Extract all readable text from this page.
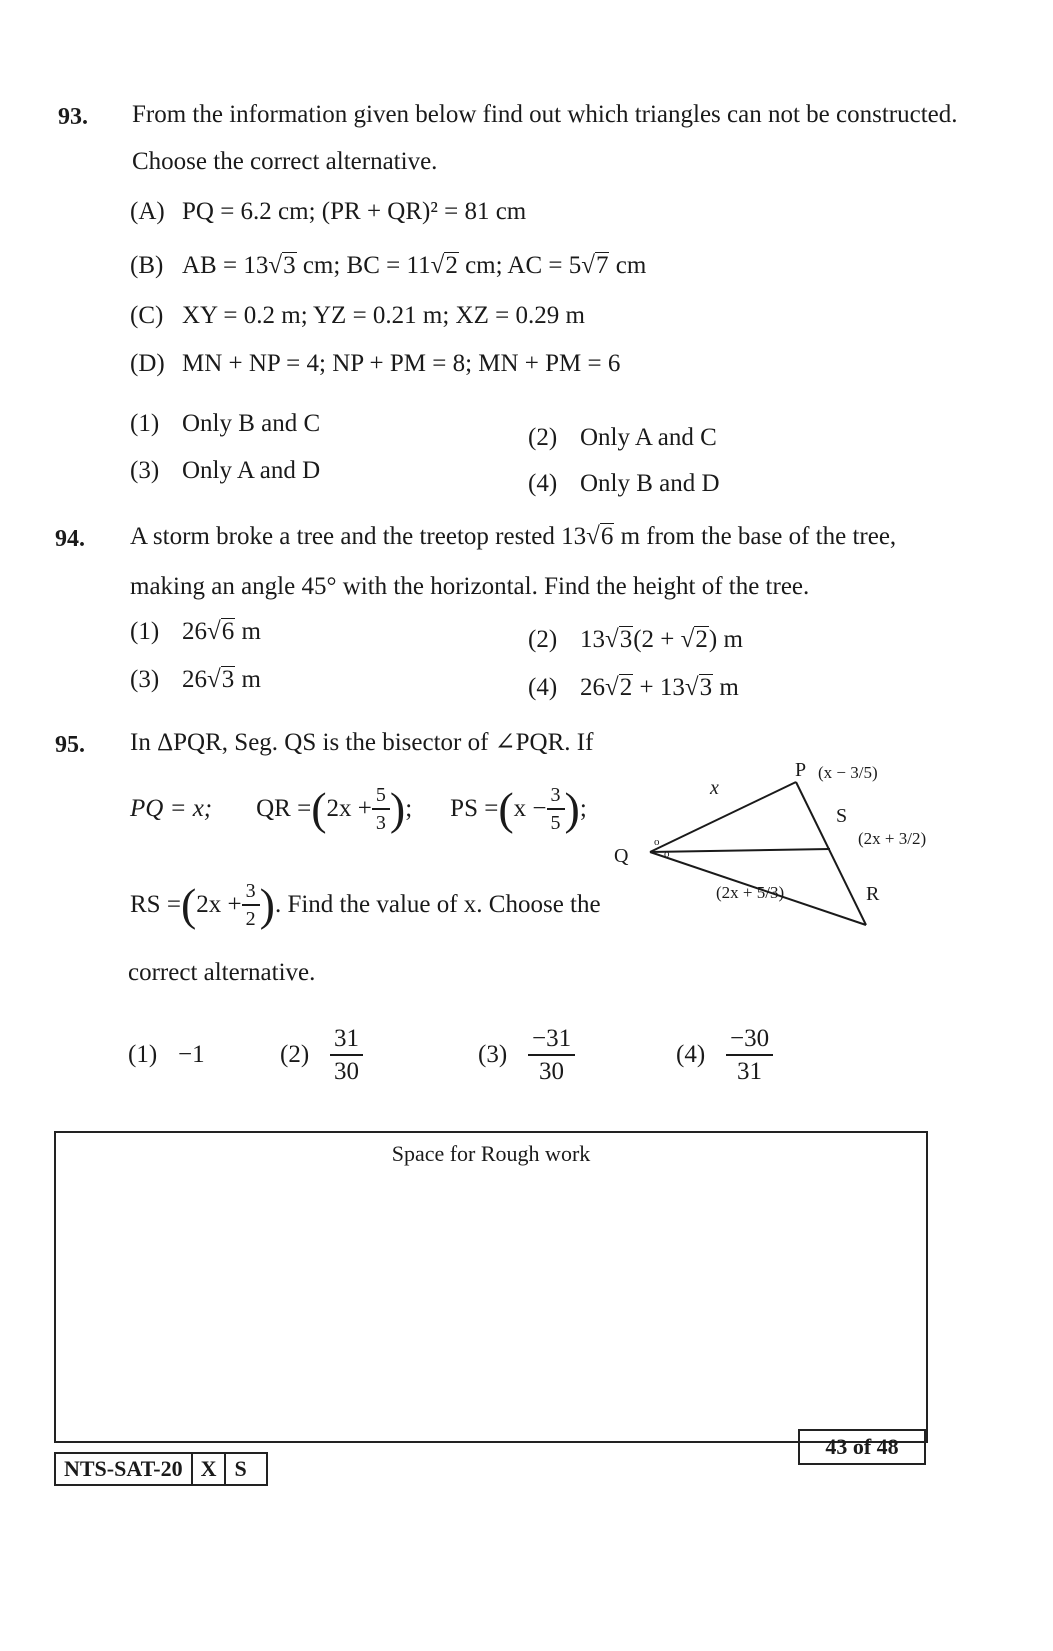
93. From the information given below find out which triangles can not be constructed.
Choose the correct alternative.
(A) PQ = 6.2 cm; (PR + QR)² = 81 cm
(B) AB = 13√3 cm; BC = 11√2 cm; AC = 5√7 cm
(C) XY = 0.2 m; YZ = 0.21 m; XZ = 0.29 m
(D) MN + NP = 4; NP + PM = 8; MN + PM = 6
(1) Only B and C
(2) Only A and C
(3) Only A and D	(4) Only B and D
94. A storm broke a tree and the treetop rested 13√6 m from the base of the tree,
making an angle 45° with the horizontal. Find the height of the tree.
(1) 26√6 m	(2) 13√3(2 + √2) m
(3) 26√3 m	(4) 26√2 + 13√3 m
95. In ΔPQR, Seg. QS is the bisector of ∠PQR. If
PQ = x; QR = ( $2x + \frac{5}{3}$ ) ; PS = ( $x - \frac{3}{5}$ ) ;
RS = ( $2x + \frac{3}{2}$ ) . Find the value of x. Choose the
correct alternative.
(1) −1	$(2) \frac{31}{30}$	$(3) \frac{-31}{30}$	$(4) \frac{-30}{31}$
P
Q
R
S
x
(x − 3/5)
(2x + 3/2)
(2x + 5/3)
o
o
Space for Rough work
NTS-SAT-20	X	S
43 of 48
